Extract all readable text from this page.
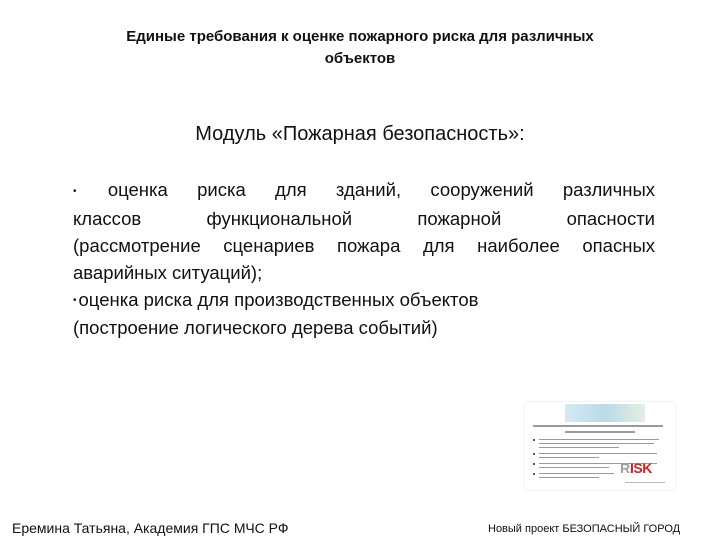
Единые требования к оценке пожарного риска для различных
объектов
Модуль «Пожарная безопасность»:
• оценка риска для зданий, сооружений различных
классов функциональной пожарной опасности
(рассмотрение сценариев пожара для наиболее опасных
аварийных ситуаций);
• оценка риска для производственных объектов
(построение логического дерева событий)
R ISK
Еремина Татьяна, Академия ГПС МЧС РФ	Новый проект БЕЗОПАСНЫЙ ГОРОД
